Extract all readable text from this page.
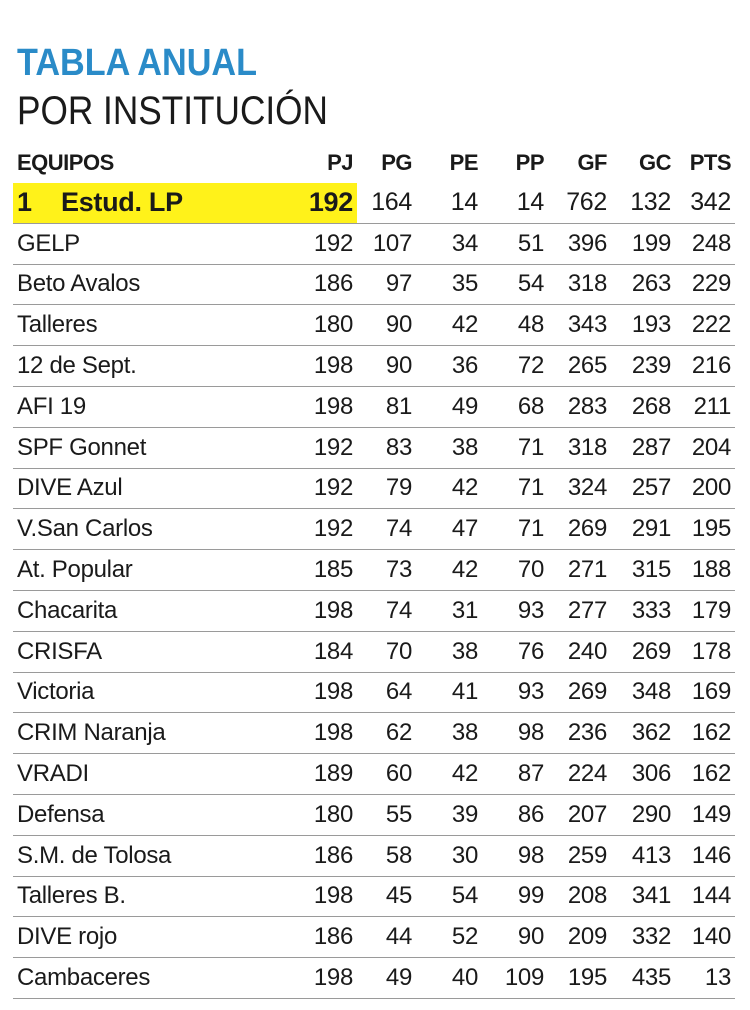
TABLA ANUAL
POR INSTITUCIÓN
EQUIPOS	PJ	PG	PE	PP	GF	GC	PTS
1 Estud. LP	192	164	14	14	762	132	342
GELP	192	107	34	51	396	199	248
Beto Avalos	186	97	35	54	318	263	229
Talleres	180	90	42	48	343	193	222
12 de Sept.	198	90	36	72	265	239	216
AFI 19	198	81	49	68	283	268	211
SPF Gonnet	192	83	38	71	318	287	204
DIVE Azul	192	79	42	71	324	257	200
V.San Carlos	192	74	47	71	269	291	195
At. Popular	185	73	42	70	271	315	188
Chacarita	198	74	31	93	277	333	179
CRISFA	184	70	38	76	240	269	178
Victoria	198	64	41	93	269	348	169
CRIM Naranja	198	62	38	98	236	362	162
VRADI	189	60	42	87	224	306	162
Defensa	180	55	39	86	207	290	149
S.M. de Tolosa	186	58	30	98	259	413	146
Talleres B.	198	45	54	99	208	341	144
DIVE rojo	186	44	52	90	209	332	140
Cambaceres	198	49	40	109	195	435	13
